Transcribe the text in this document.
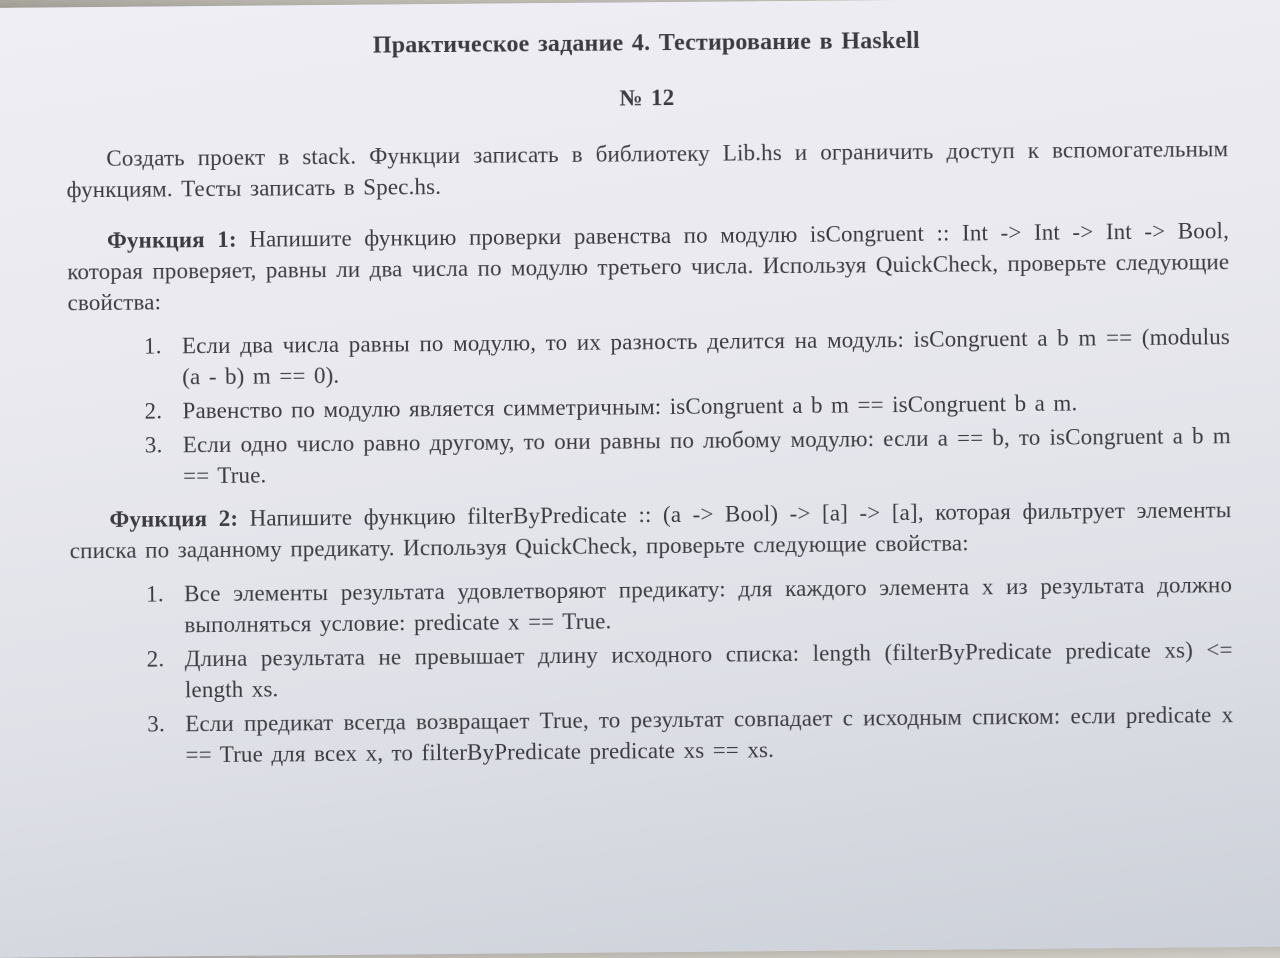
Практическое задание 4. Тестирование в Haskell
№ 12

Создать проект в stack. Функции записать в библиотеку Lib.hs и ограничить доступ к вспомогательным функциям. Тесты записать в Spec.hs.

Функция 1: Напишите функцию проверки равенства по модулю isCongruent :: Int -> Int -> Int -> Bool, которая проверяет, равны ли два числа по модулю третьего числа. Используя QuickCheck, проверьте следующие свойства:

1. Если два числа равны по модулю, то их разность делится на модуль: isCongruent a b m == (modulus (a - b) m == 0).
2. Равенство по модулю является симметричным: isCongruent a b m == isCongruent b a m.
3. Если одно число равно другому, то они равны по любому модулю: если a == b, то isCongruent a b m == True.

Функция 2: Напишите функцию filterByPredicate :: (a -> Bool) -> [a] -> [a], которая фильтрует элементы списка по заданному предикату. Используя QuickCheck, проверьте следующие свойства:

1. Все элементы результата удовлетворяют предикату: для каждого элемента x из результата должно выполняться условие: predicate x == True.
2. Длина результата не превышает длину исходного списка: length (filterByPredicate predicate xs) <= length xs.
3. Если предикат всегда возвращает True, то результат совпадает с исходным списком: если predicate x == True для всех x, то filterByPredicate predicate xs == xs.
